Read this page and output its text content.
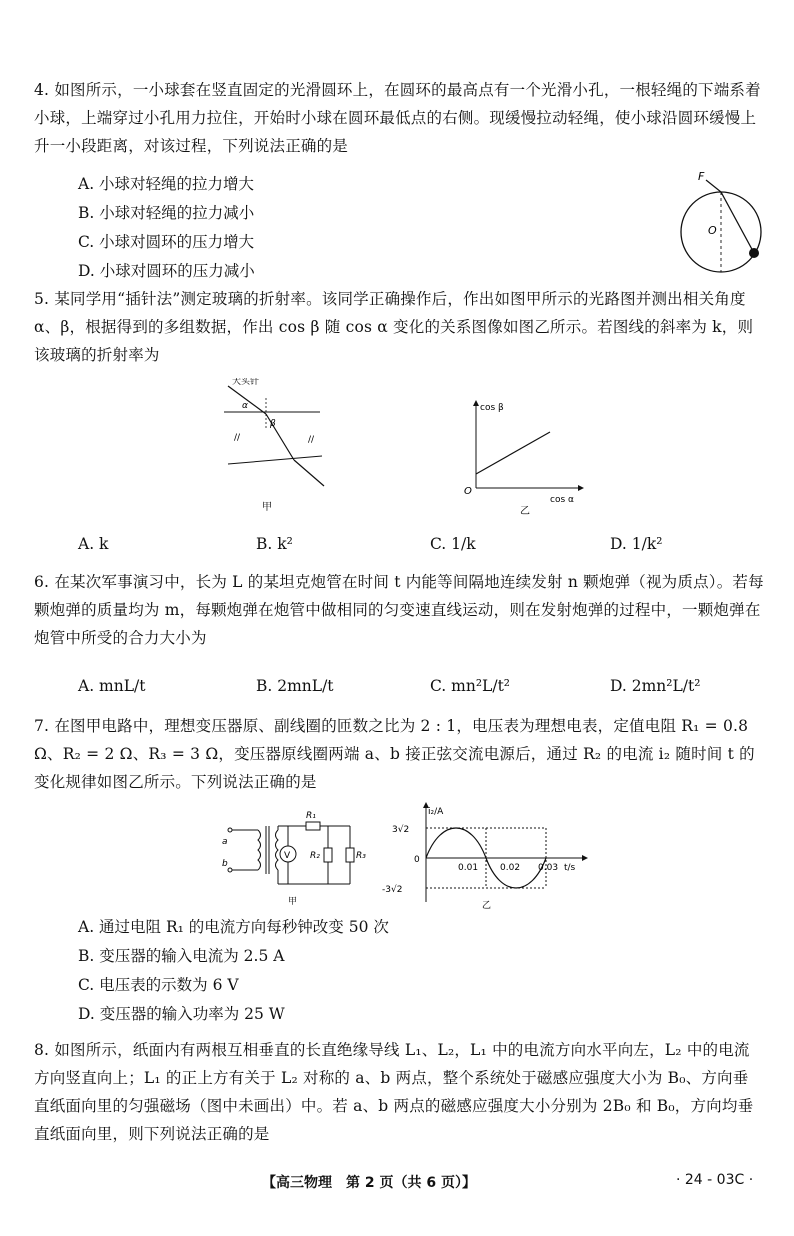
4. 如图所示，一小球套在竖直固定的光滑圆环上，在圆环的最高点有一个光滑小孔，一根轻绳的下端系着小球，上端穿过小孔用力拉住，开始时小球在圆环最低点的右侧。现缓慢拉动轻绳，使小球沿圆环缓慢上升一小段距离，对该过程，下列说法正确的是
A. 小球对轻绳的拉力增大
B. 小球对轻绳的拉力减小
C. 小球对圆环的压力增大
D. 小球对圆环的压力减小
F
O
5. 某同学用“插针法”测定玻璃的折射率。该同学正确操作后，作出如图甲所示的光路图并测出相关角度 α、β，根据得到的多组数据，作出 cos β 随 cos α 变化的关系图像如图乙所示。若图线的斜率为 k，则该玻璃的折射率为
大头针
α
β
//	//
甲
cos β
cos α
O
乙
A. k	B. k²	C. 1/k	D. 1/k²
6. 在某次军事演习中，长为 L 的某坦克炮管在时间 t 内能等间隔地连续发射 n 颗炮弹（视为质点）。若每颗炮弹的质量均为 m，每颗炮弹在炮管中做相同的匀变速直线运动，则在发射炮弹的过程中，一颗炮弹在炮管中所受的合力大小为
A. mnL/t	B. 2mnL/t	C. mn²L/t²	D. 2mn²L/t²
7. 在图甲电路中，理想变压器原、副线圈的匝数之比为 2 : 1，电压表为理想电表，定值电阻 R₁ = 0.8 Ω、R₂ = 2 Ω、R₃ = 3 Ω，变压器原线圈两端 a、b 接正弦交流电源后，通过 R₂ 的电流 i₂ 随时间 t 的变化规律如图乙所示。下列说法正确的是
V
a
b
R₁
R₂	R₃
甲
i₂/A
3√2
0
-3√2
0.01 0.02 0.03 t/s
乙
A. 通过电阻 R₁ 的电流方向每秒钟改变 50 次
B. 变压器的输入电流为 2.5 A
C. 电压表的示数为 6 V
D. 变压器的输入功率为 25 W
8. 如图所示，纸面内有两根互相垂直的长直绝缘导线 L₁、L₂，L₁ 中的电流方向水平向左，L₂ 中的电流方向竖直向上；L₁ 的正上方有关于 L₂ 对称的 a、b 两点，整个系统处于磁感应强度大小为 B₀、方向垂直纸面向里的匀强磁场（图中未画出）中。若 a、b 两点的磁感应强度大小分别为 2B₀ 和 B₀，方向均垂直纸面向里，则下列说法正确的是
【高三物理　第 2 页（共 6 页）】	· 24 - 03C ·
